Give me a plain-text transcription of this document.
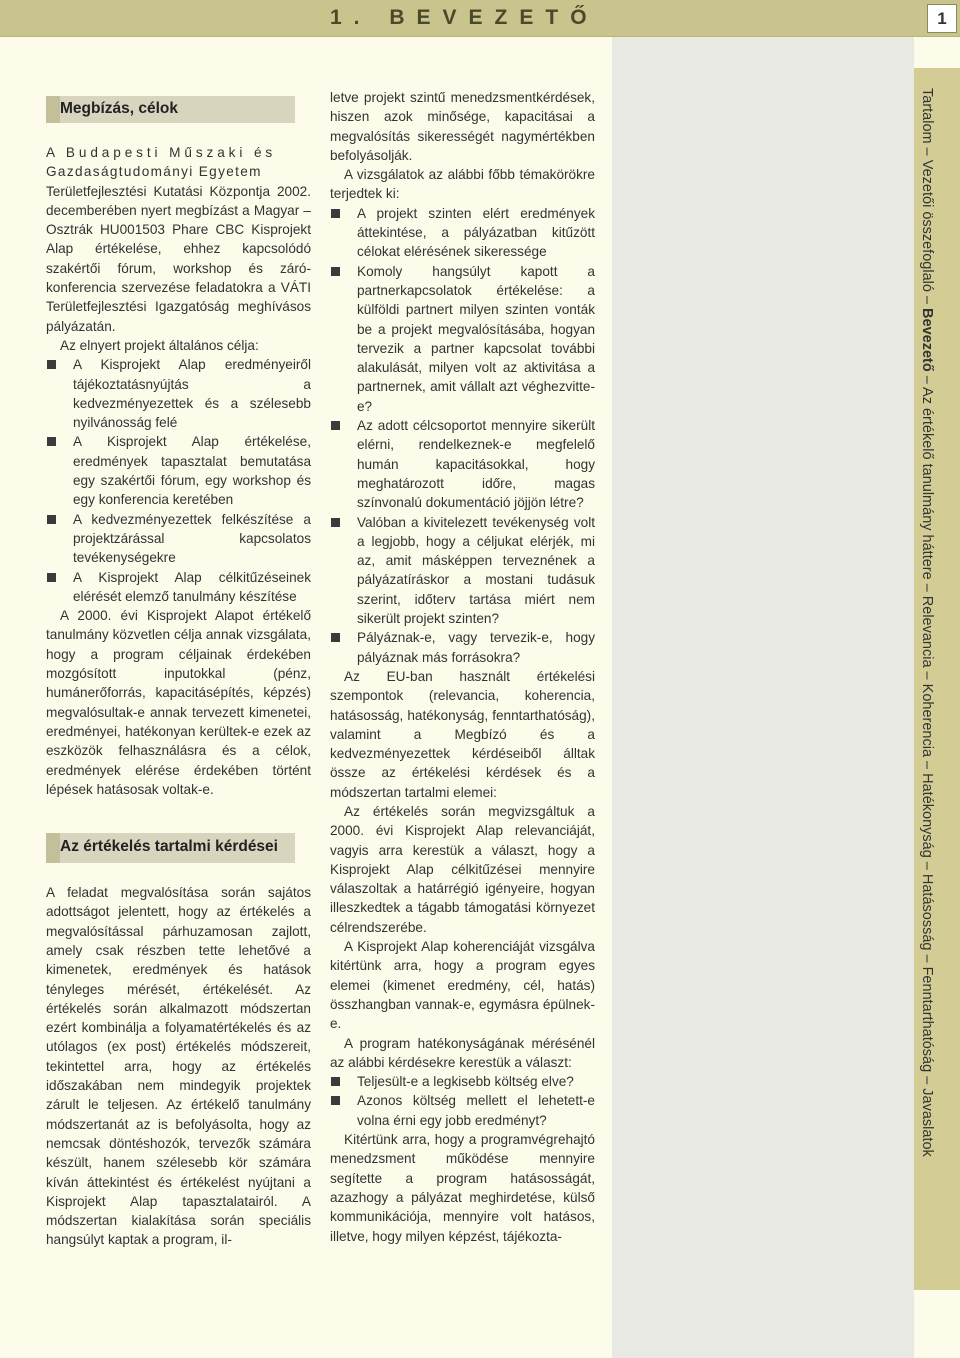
1. BEVEZETŐ	1
Tartalom – Vezetői összefoglaló – Bevezető – Az értékelő tanulmány háttere – Relevancia – Koherencia – Hatékonyság – Hatásosság – Fenntarthatóság – Javaslatok
Megbízás, célok

A Budapesti Műszaki és

Gazdaságtudományi Egyetem

Területfejlesztési Kutatási Központja 2002. decemberében nyert megbízást a Magyar – Osztrák HU001503 Phare CBC Kisprojekt Alap értékelése, ehhez kapcsolódó szakértői fórum, workshop és záró-konferencia szervezése feladatokra a VÁTI Területfejlesztési Igazgatóság meghívásos pályázatán.

Az elnyert projekt általános célja:

A Kisprojekt Alap eredményeiről tájékoztatásnyújtás a kedvezményezettek és a szélesebb nyilvánosság felé
A Kisprojekt Alap értékelése, eredmények tapasztalat bemutatása egy szakértői fórum, egy workshop és egy konferencia keretében
A kedvezményezettek felkészítése a projektzárással kapcsolatos tevékenységekre
A Kisprojekt Alap célkitűzéseinek elérését elemző tanulmány készítése

A 2000. évi Kisprojekt Alapot értékelő tanulmány közvetlen célja annak vizsgálata, hogy a program céljainak érdekében mozgósított inputokkal (pénz, humánerőforrás, kapacitásépítés, képzés) megvalósultak-e annak tervezett kimenetei, eredményei, hatékonyan kerültek-e ezek az eszközök felhasználásra és a célok, eredmények elérése érdekében történt lépések hatásosak voltak-e.

Az értékelés tartalmi kérdései

A feladat megvalósítása során sajátos adottságot jelentett, hogy az értékelés a megvalósítással párhuzamosan zajlott, amely csak részben tette lehetővé a kimenetek, eredmények és hatások tényleges mérését, értékelését. Az értékelés során alkalmazott módszertan ezért kombinálja a folyamatértékelés és az utólagos (ex post) értékelés módszereit, tekintettel arra, hogy az értékelés időszakában nem mindegyik projektek zárult le teljesen. Az értékelő tanulmány módszertanát az is befolyásolta, hogy az nemcsak döntéshozók, tervezők számára készült, hanem szélesebb kör számára kíván áttekintést és értékelést nyújtani a Kisprojekt Alap tapasztalatairól. A módszertan kialakítása során speciális hangsúlyt kaptak a program, il-

letve projekt szintű menedzsmentkérdések, hiszen azok minősége, kapacitásai a megvalósítás sikerességét nagymértékben befolyásolják.

A vizsgálatok az alábbi főbb témakörökre terjedtek ki:

A projekt szinten elért eredmények áttekintése, a pályázatban kitűzött célokat elérésének sikeressége
Komoly hangsúlyt kapott a partnerkapcsolatok értékelése: a külföldi partnert milyen szinten vonták be a projekt megvalósításába, hogyan tervezik a partner kapcsolat további alakulását, milyen volt az aktivitása a partnernek, amit vállalt azt véghezvitte-e?
Az adott célcsoportot mennyire sikerült elérni, rendelkeznek-e megfelelő humán kapacitásokkal, hogy meghatározott időre, magas színvonalú dokumentáció jöjjön létre?
Valóban a kivitelezett tevékenység volt a legjobb, hogy a céljukat elérjék, mi az, amit másképpen terveznének a pályázatíráskor a mostani tudásuk szerint, időterv tartása miért nem sikerült projekt szinten?
Pályáznak-e, vagy tervezik-e, hogy pályáznak más forrásokra?

Az EU-ban használt értékelési szempontok (relevancia, koherencia, hatásosság, hatékonyság, fenntarthatóság), valamint a Megbízó és a kedvezményezettek kérdéseiből álltak össze az értékelési kérdések és a módszertan tartalmi elemei:

Az értékelés során megvizsgáltuk a 2000. évi Kisprojekt Alap relevanciáját, vagyis arra kerestük a választ, hogy a Kisprojekt Alap célkitűzései mennyire válaszoltak a határrégió igényeire, hogyan illeszkedtek a tágabb támogatási környezet célrendszerébe.

A Kisprojekt Alap koherenciáját vizsgálva kitértünk arra, hogy a program egyes elemei (kimenet eredmény, cél, hatás) összhangban vannak-e, egymásra épülnek-e.

A program hatékonyságának mérésénél az alábbi kérdésekre kerestük a választ:

Teljesült-e a legkisebb költség elve?
Azonos költség mellett el lehetett-e volna érni egy jobb eredményt?

Kitértünk arra, hogy a programvégrehajtó menedzsment működése mennyire segítette a program hatásosságát, azazhogy a pályázat meghirdetése, külső kommunikációja, mennyire volt hatásos, illetve, hogy milyen képzést, tájékozta-
